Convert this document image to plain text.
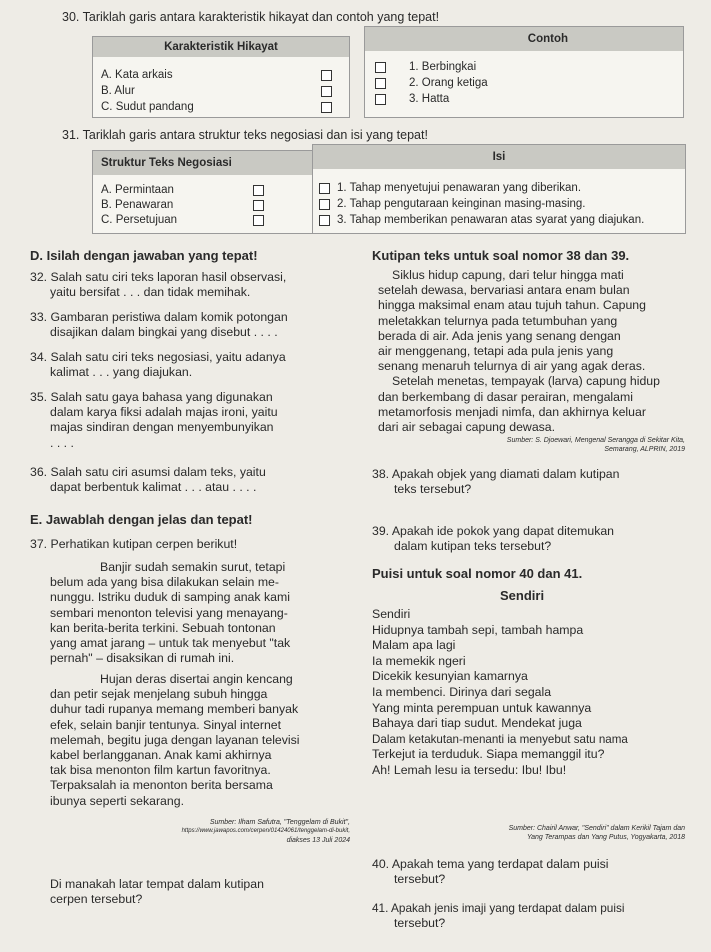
30. Tariklah garis antara karakteristik hikayat dan contoh yang tepat!
Karakteristik Hikayat
A. Kata arkais
B. Alur
C. Sudut pandang
Contoh
1. Berbingkai
2. Orang ketiga
3. Hatta
31. Tariklah garis antara struktur teks negosiasi dan isi yang tepat!
Struktur Teks Negosiasi
A. Permintaan
B. Penawaran
C. Persetujuan
Isi
1. Tahap menyetujui penawaran yang diberikan.
2. Tahap pengutaraan keinginan masing-masing.
3. Tahap memberikan penawaran atas syarat yang diajukan.
D. Isilah dengan jawaban yang tepat!
32. Salah satu ciri teks laporan hasil observasi,
yaitu bersifat . . . dan tidak memihak.
33. Gambaran peristiwa dalam komik potongan
disajikan dalam bingkai yang disebut . . . .
34. Salah satu ciri teks negosiasi, yaitu adanya
kalimat . . . yang diajukan.
35. Salah satu gaya bahasa yang digunakan
dalam karya fiksi adalah majas ironi, yaitu
majas sindiran dengan menyembunyikan
. . . .
36. Salah satu ciri asumsi dalam teks, yaitu
dapat berbentuk kalimat . . . atau . . . .
E. Jawablah dengan jelas dan tepat!
37. Perhatikan kutipan cerpen berikut!
Banjir sudah semakin surut, tetapi
belum ada yang bisa dilakukan selain me-
nunggu. Istriku duduk di samping anak kami
sembari menonton televisi yang menayang-
kan berita-berita terkini. Sebuah tontonan
yang amat jarang – untuk tak menyebut "tak
pernah" – disaksikan di rumah ini.
Hujan deras disertai angin kencang
dan petir sejak menjelang subuh hingga
duhur tadi rupanya memang memberi banyak
efek, selain banjir tentunya. Sinyal internet
melemah, begitu juga dengan layanan televisi
kabel berlangganan. Anak kami akhirnya
tak bisa menonton film kartun favoritnya.
Terpaksalah ia menonton berita bersama
ibunya seperti sekarang.
Sumber: Ilham Safutra, "Tenggelam di Bukit",
https://www.jawapos.com/cerpen/01424061/tenggelam-di-bukit,
diakses 13 Juli 2024
Di manakah latar tempat dalam kutipan
cerpen tersebut?
Kutipan teks untuk soal nomor 38 dan 39.
Siklus hidup capung, dari telur hingga mati
setelah dewasa, bervariasi antara enam bulan
hingga maksimal enam atau tujuh tahun. Capung
meletakkan telurnya pada tetumbuhan yang
berada di air. Ada jenis yang senang dengan
air menggenang, tetapi ada pula jenis yang
senang menaruh telurnya di air yang agak deras.
Setelah menetas, tempayak (larva) capung hidup
dan berkembang di dasar perairan, mengalami
metamorfosis menjadi nimfa, dan akhirnya keluar
dari air sebagai capung dewasa.
Sumber: S. Djoewari, Mengenal Serangga di Sekitar Kita,
Semarang, ALPRIN, 2019
38. Apakah objek yang diamati dalam kutipan
teks tersebut?
39. Apakah ide pokok yang dapat ditemukan
dalam kutipan teks tersebut?
Puisi untuk soal nomor 40 dan 41.
Sendiri
Sendiri
Hidupnya tambah sepi, tambah hampa
Malam apa lagi
Ia memekik ngeri
Dicekik kesunyian kamarnya
Ia membenci. Dirinya dari segala
Yang minta perempuan untuk kawannya
Bahaya dari tiap sudut. Mendekat juga
Dalam ketakutan-menanti ia menyebut satu nama
Terkejut ia terduduk. Siapa memanggil itu?
Ah! Lemah lesu ia tersedu: Ibu! Ibu!
Sumber: Chairil Anwar, "Sendiri" dalam Kerikil Tajam dan
Yang Terampas dan Yang Putus, Yogyakarta, 2018
40. Apakah tema yang terdapat dalam puisi
tersebut?
41. Apakah jenis imaji yang terdapat dalam puisi
tersebut?
